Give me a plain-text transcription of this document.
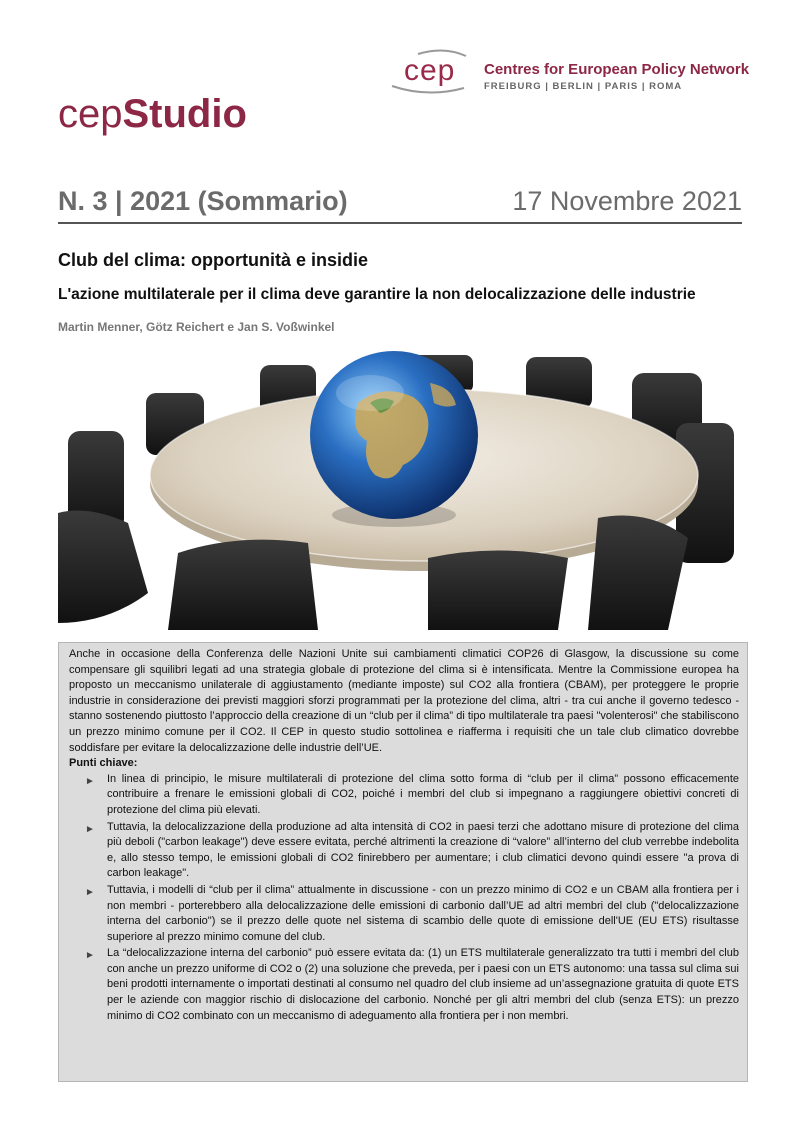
cep Centres for European Policy Network
FREIBURG | BERLIN | PARIS | ROMA
cepStudio
N. 3 | 2021 (Sommario)	17 Novembre 2021
Club del clima: opportunità e insidie
L'azione multilaterale per il clima deve garantire la non delocalizzazione delle industrie
Martin Menner, Götz Reichert e Jan S. Voßwinkel

Anche in occasione della Conferenza delle Nazioni Unite sui cambiamenti climatici COP26 di Glasgow, la discussione su come compensare gli squilibri legati ad una strategia globale di protezione del clima si è intensificata. Mentre la Commissione europea ha proposto un meccanismo unilaterale di aggiustamento (mediante imposte) sul CO2 alla frontiera (CBAM), per proteggere le proprie industrie in considerazione dei previsti maggiori sforzi programmati per la protezione del clima, altri - tra cui anche il governo tedesco - stanno sostenendo piuttosto l’approccio della creazione di un “club per il clima” di tipo multilaterale tra paesi "volenterosi" che stabiliscono un prezzo minimo comune per il CO2. Il CEP in questo studio sottolinea e riafferma i requisiti che un tale club climatico dovrebbe soddisfare per evitare la delocalizzazione delle industrie dell’UE.

Punti chiave:

► In linea di principio, le misure multilaterali di protezione del clima sotto forma di “club per il clima” possono efficacemente contribuire a frenare le emissioni globali di CO2, poiché i membri del club si impegnano a raggiungere obiettivi concreti di protezione del clima più elevati.
► Tuttavia, la delocalizzazione della produzione ad alta intensità di CO2 in paesi terzi che adottano misure di protezione del clima più deboli ("carbon leakage") deve essere evitata, perché altrimenti la creazione di “valore” all’interno del club verrebbe indebolita e, allo stesso tempo, le emissioni globali di CO2 finirebbero per aumentare; i club climatici devono quindi essere "a prova di carbon leakage".
► Tuttavia, i modelli di “club per il clima” attualmente in discussione - con un prezzo minimo di CO2 e un CBAM alla frontiera per i non membri - porterebbero alla delocalizzazione delle emissioni di carbonio dall’UE ad altri membri del club ("delocalizzazione interna del carbonio") se il prezzo delle quote nel sistema di scambio delle quote di emissione dell'UE (EU ETS) risultasse superiore al prezzo minimo comune del club.
► La “delocalizzazione interna del carbonio” può essere evitata da: (1) un ETS multilaterale generalizzato tra tutti i membri del club con anche un prezzo uniforme di CO2 o (2) una soluzione che preveda, per i paesi con un ETS autonomo: una tassa sul clima sui beni prodotti internamente o importati destinati al consumo nel quadro del club insieme ad un’assegnazione gratuita di quote ETS per le aziende con maggior rischio di dislocazione del carbonio. Nonché per gli altri membri del club (senza ETS): un prezzo minimo di CO2 combinato con un meccanismo di adeguamento alla frontiera per i non membri.
